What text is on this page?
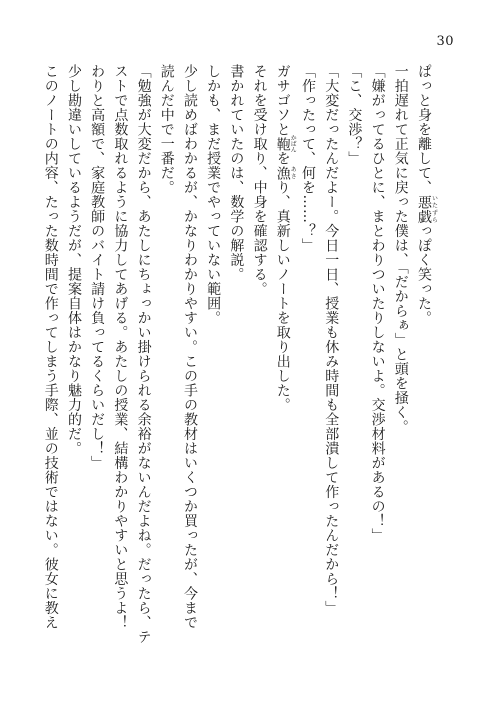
30
ぱっと身を離して、悪戯いたずらっぽく笑った。
一拍遅れて正気に戻った僕は、「だからぁ」と頭を掻く。
「嫌がってるひとに、まとわりついたりしないよ。交渉材料があるの！」
「こ、交渉？」
「大変だったんだよー。今日一日、授業も休み時間も全部潰して作ったんだから！」
「作ったって、何を……？」
ガサゴソと鞄かばんを漁あさり、真新しいノートを取り出した。
それを受け取り、中身を確認する。
書かれていたのは、数学の解説。
しかも、まだ授業でやっていない範囲。
少し読めばわかるが、かなりわかりやすい。この手の教材はいくつか買ったが、今まで
読んだ中で一番だ。
「勉強が大変だから、あたしにちょっかい掛けられる余裕がないんだよね。だったら、テ
ストで点数取れるように協力してあげる。あたしの授業、結構わかりやすいと思うよ！
わりと高額で、家庭教師のバイト請け負ってるくらいだし！」
少し勘違いしているようだが、提案自体はかなり魅力的だ。
このノートの内容、たった数時間で作ってしまう手際、並の技術ではない。彼女に教え
